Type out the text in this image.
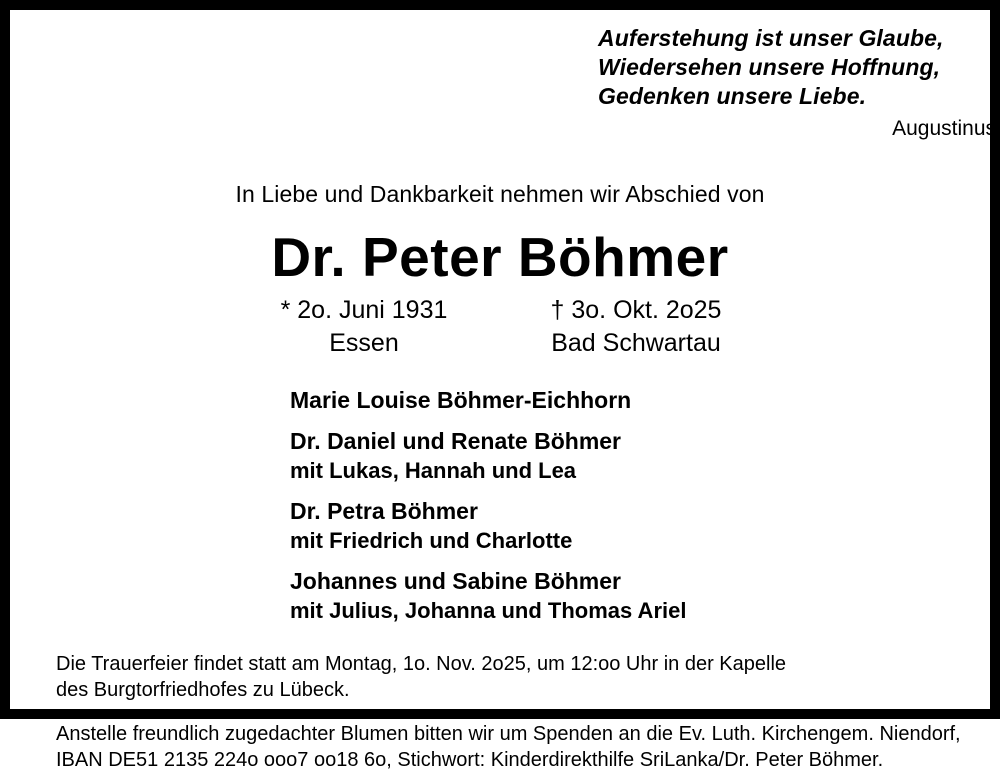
Auferstehung ist unser Glaube,
Wiedersehen unsere Hoffnung,
Gedenken unsere Liebe.
Augustinus
In Liebe und Dankbarkeit nehmen wir Abschied von
Dr. Peter Böhmer
* 2o. Juni 1931	† 3o. Okt. 2o25
Essen	Bad Schwartau
Marie Louise Böhmer-Eichhorn
Dr. Daniel und Renate Böhmer
mit Lukas, Hannah und Lea
Dr. Petra Böhmer
mit Friedrich und Charlotte
Johannes und Sabine Böhmer
mit Julius, Johanna und Thomas Ariel
Die Trauerfeier findet statt am Montag, 1o. Nov. 2o25, um 12:oo Uhr in der Kapelle
des Burgtorfriedhofes zu Lübeck.
Anstelle freundlich zugedachter Blumen bitten wir um Spenden an die Ev. Luth. Kirchengem. Niendorf,
IBAN DE51 2135 224o ooo7 oo18 6o, Stichwort: Kinderdirekthilfe SriLanka/Dr. Peter Böhmer.
